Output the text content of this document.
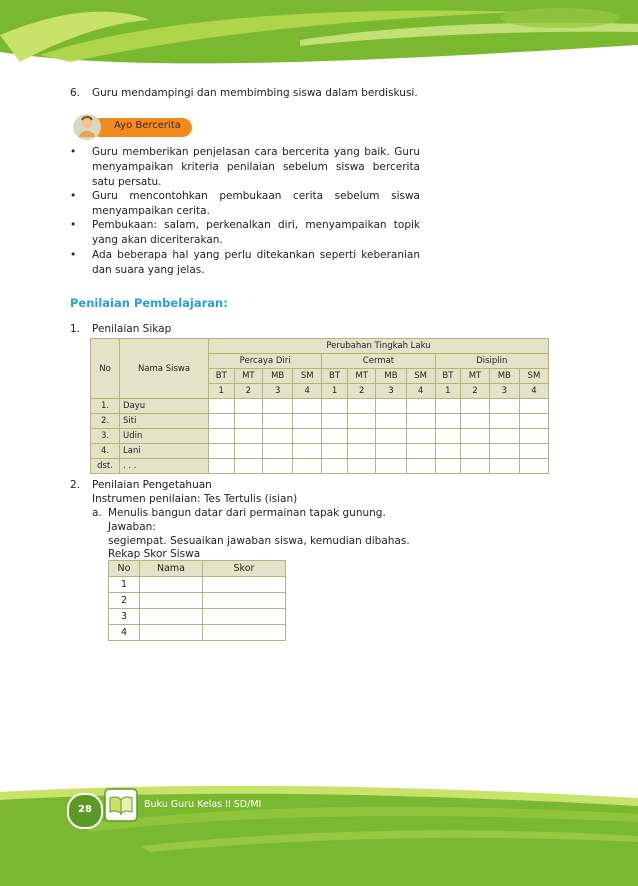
6. Guru mendampingi dan membimbing siswa dalam berdiskusi.
Ayo Bercerita
• Guru memberikan penjelasan cara bercerita yang baik. Guru menyampaikan kriteria penilaian sebelum siswa bercerita satu persatu.
• Guru mencontohkan pembukaan cerita sebelum siswa menyampaikan cerita.
• Pembukaan: salam, perkenalkan diri, menyampaikan topik yang akan diceriterakan.
• Ada beberapa hal yang perlu ditekankan seperti keberanian dan suara yang jelas.
Penilaian Pembelajaran:
1. Penilaian Sikap
No	Nama Siswa	Perubahan Tingkah Laku											
		Percaya Diri				Cermat				Disiplin			
		BT	MT	MB	SM	BT	MT	MB	SM	BT	MT	MB	SM
		1	2	3	4	1	2	3	4	1	2	3	4
1.	Dayu												
2.	Siti												
3.	Udin												
4.	Lani												
dst.	. . .												
2. Penilaian Pengetahuan
Instrumen penilaian: Tes Tertulis (isian)
a. Menulis bangun datar dari permainan tapak gunung.
Jawaban:
segiempat. Sesuaikan jawaban siswa, kemudian dibahas.
Rekap Skor Siswa
No	Nama	Skor
1		
2		
3		
4		
28	Buku Guru Kelas II SD/MI
